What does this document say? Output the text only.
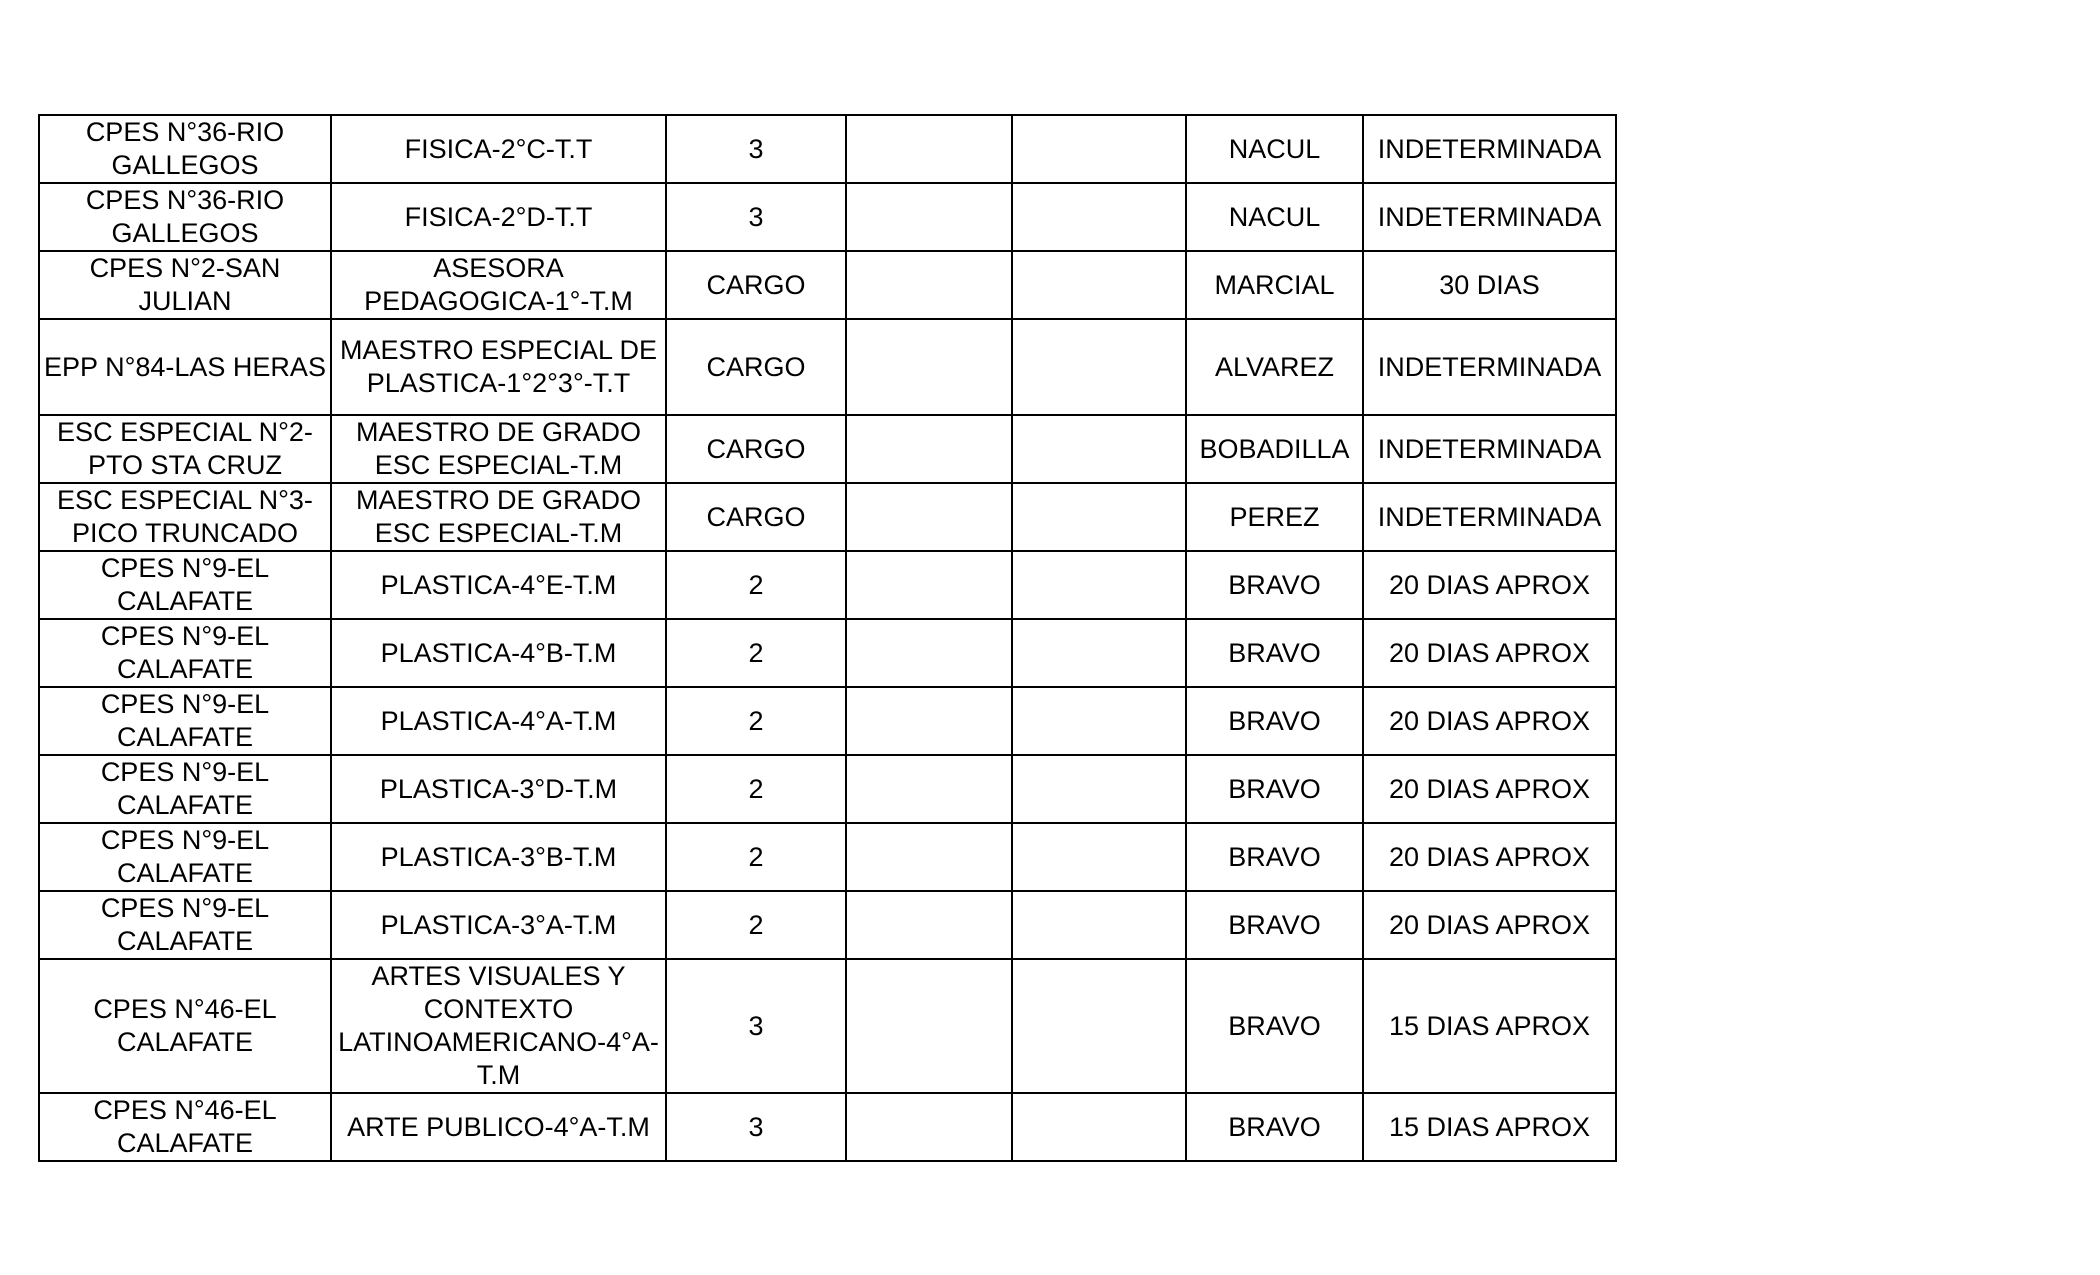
CPES N°36-RIO GALLEGOS	FISICA-2°C-T.T	3			NACUL	INDETERMINADA
CPES N°36-RIO GALLEGOS	FISICA-2°D-T.T	3			NACUL	INDETERMINADA
CPES N°2-SAN JULIAN	ASESORA PEDAGOGICA-1°-T.M	CARGO			MARCIAL	30 DIAS
EPP N°84-LAS HERAS	MAESTRO ESPECIAL DE PLASTICA-1°2°3°-T.T	CARGO			ALVAREZ	INDETERMINADA
ESC ESPECIAL N°2-PTO STA CRUZ	MAESTRO DE GRADO ESC ESPECIAL-T.M	CARGO			BOBADILLA	INDETERMINADA
ESC ESPECIAL N°3-PICO TRUNCADO	MAESTRO DE GRADO ESC ESPECIAL-T.M	CARGO			PEREZ	INDETERMINADA
CPES N°9-EL CALAFATE	PLASTICA-4°E-T.M	2			BRAVO	20 DIAS APROX
CPES N°9-EL CALAFATE	PLASTICA-4°B-T.M	2			BRAVO	20 DIAS APROX
CPES N°9-EL CALAFATE	PLASTICA-4°A-T.M	2			BRAVO	20 DIAS APROX
CPES N°9-EL CALAFATE	PLASTICA-3°D-T.M	2			BRAVO	20 DIAS APROX
CPES N°9-EL CALAFATE	PLASTICA-3°B-T.M	2			BRAVO	20 DIAS APROX
CPES N°9-EL CALAFATE	PLASTICA-3°A-T.M	2			BRAVO	20 DIAS APROX
CPES N°46-EL CALAFATE	ARTES VISUALES Y CONTEXTO LATINOAMERICANO-4°A-T.M	3			BRAVO	15 DIAS APROX
CPES N°46-EL CALAFATE	ARTE PUBLICO-4°A-T.M	3			BRAVO	15 DIAS APROX
